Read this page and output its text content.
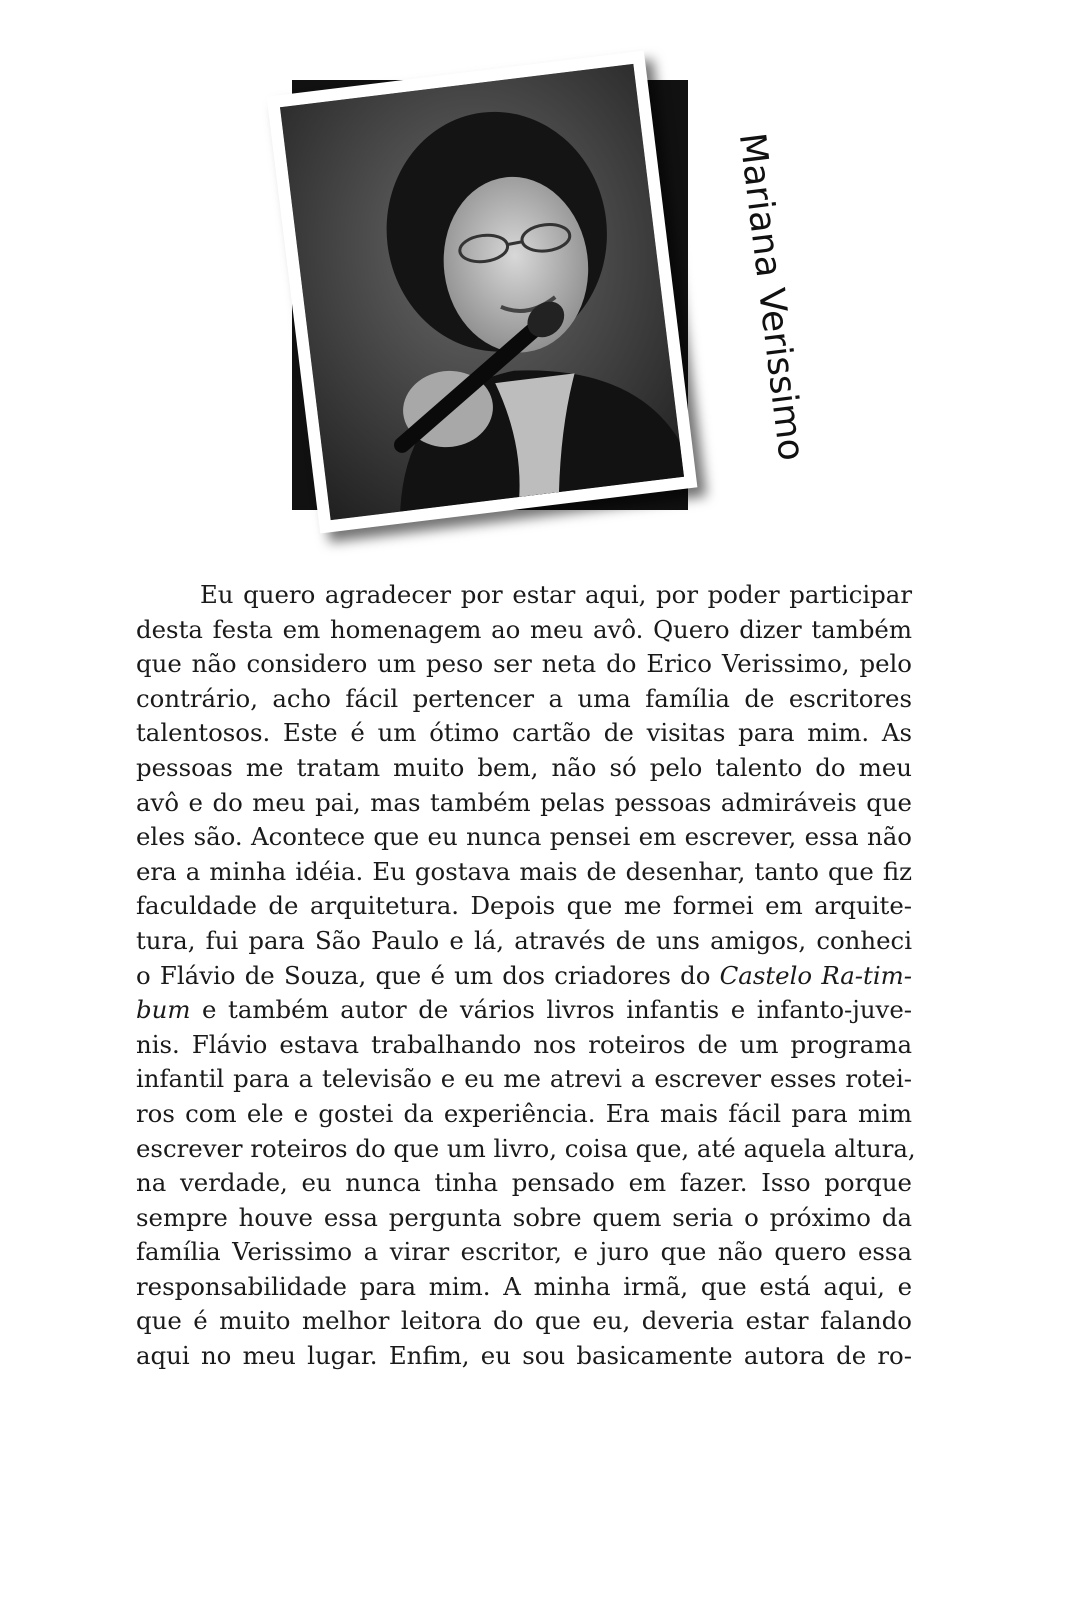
Mariana Verissimo
Eu quero agradecer por estar aqui, por poder participar
desta festa em homenagem ao meu avô. Quero dizer também
que não considero um peso ser neta do Erico Verissimo, pelo
contrário, acho fácil pertencer a uma família de escritores
talentosos. Este é um ótimo cartão de visitas para mim. As
pessoas me tratam muito bem, não só pelo talento do meu
avô e do meu pai, mas também pelas pessoas admiráveis que
eles são. Acontece que eu nunca pensei em escrever, essa não
era a minha idéia. Eu gostava mais de desenhar, tanto que fiz
faculdade de arquitetura. Depois que me formei em arquite-
tura, fui para São Paulo e lá, através de uns amigos, conheci
o Flávio de Souza, que é um dos criadores do Castelo Ra-tim-
bum e também autor de vários livros infantis e infanto-juve-
nis. Flávio estava trabalhando nos roteiros de um programa
infantil para a televisão e eu me atrevi a escrever esses rotei-
ros com ele e gostei da experiência. Era mais fácil para mim
escrever roteiros do que um livro, coisa que, até aquela altura,
na verdade, eu nunca tinha pensado em fazer. Isso porque
sempre houve essa pergunta sobre quem seria o próximo da
família Verissimo a virar escritor, e juro que não quero essa
responsabilidade para mim. A minha irmã, que está aqui, e
que é muito melhor leitora do que eu, deveria estar falando
aqui no meu lugar. Enfim, eu sou basicamente autora de ro-
